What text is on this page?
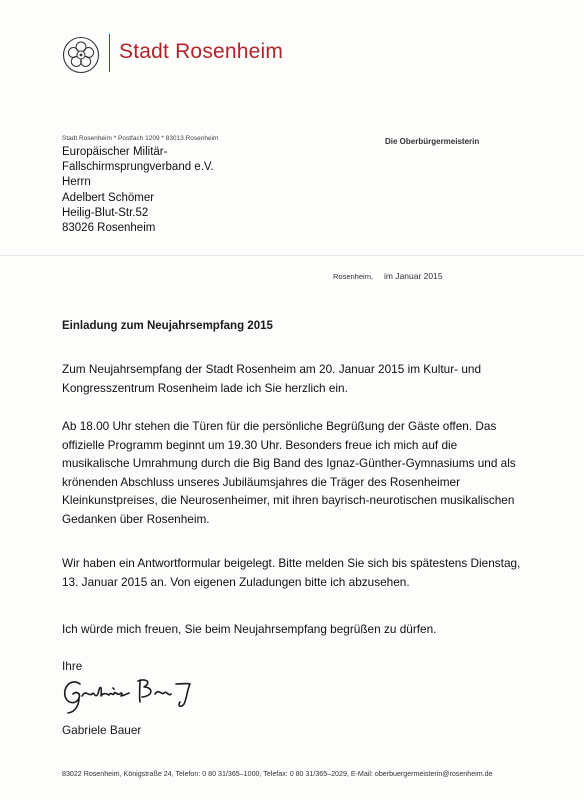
Stadt Rosenheim
Stadt Rosenheim * Postfach 1209 * 83013 Rosenheim	Die Oberbürgermeisterin
Europäischer Militär-
Fallschirmsprungverband e.V.
Herrn
Adelbert Schömer
Heilig-Blut-Str.52
83026 Rosenheim
Rosenheim, im Januar 2015
Einladung zum Neujahrsempfang 2015
Zum Neujahrsempfang der Stadt Rosenheim am 20. Januar 2015 im Kultur- und
Kongresszentrum Rosenheim lade ich Sie herzlich ein.
Ab 18.00 Uhr stehen die Türen für die persönliche Begrüßung der Gäste offen. Das
offizielle Programm beginnt um 19.30 Uhr. Besonders freue ich mich auf die
musikalische Umrahmung durch die Big Band des Ignaz-Günther-Gymnasiums und als
krönenden Abschluss unseres Jubiläumsjahres die Träger des Rosenheimer
Kleinkunstpreises, die Neurosenheimer, mit ihren bayrisch-neurotischen musikalischen
Gedanken über Rosenheim.
Wir haben ein Antwortformular beigelegt. Bitte melden Sie sich bis spätestens Dienstag,
13. Januar 2015 an. Von eigenen Zuladungen bitte ich abzusehen.
Ich würde mich freuen, Sie beim Neujahrsempfang begrüßen zu dürfen.
Ihre
Gabriele Bauer
83022 Rosenheim, Königstraße 24, Telefon: 0 80 31/365–1000, Telefax: 0 80 31/365–2029, E-Mail: oberbuergermeisterin@rosenheim.de
